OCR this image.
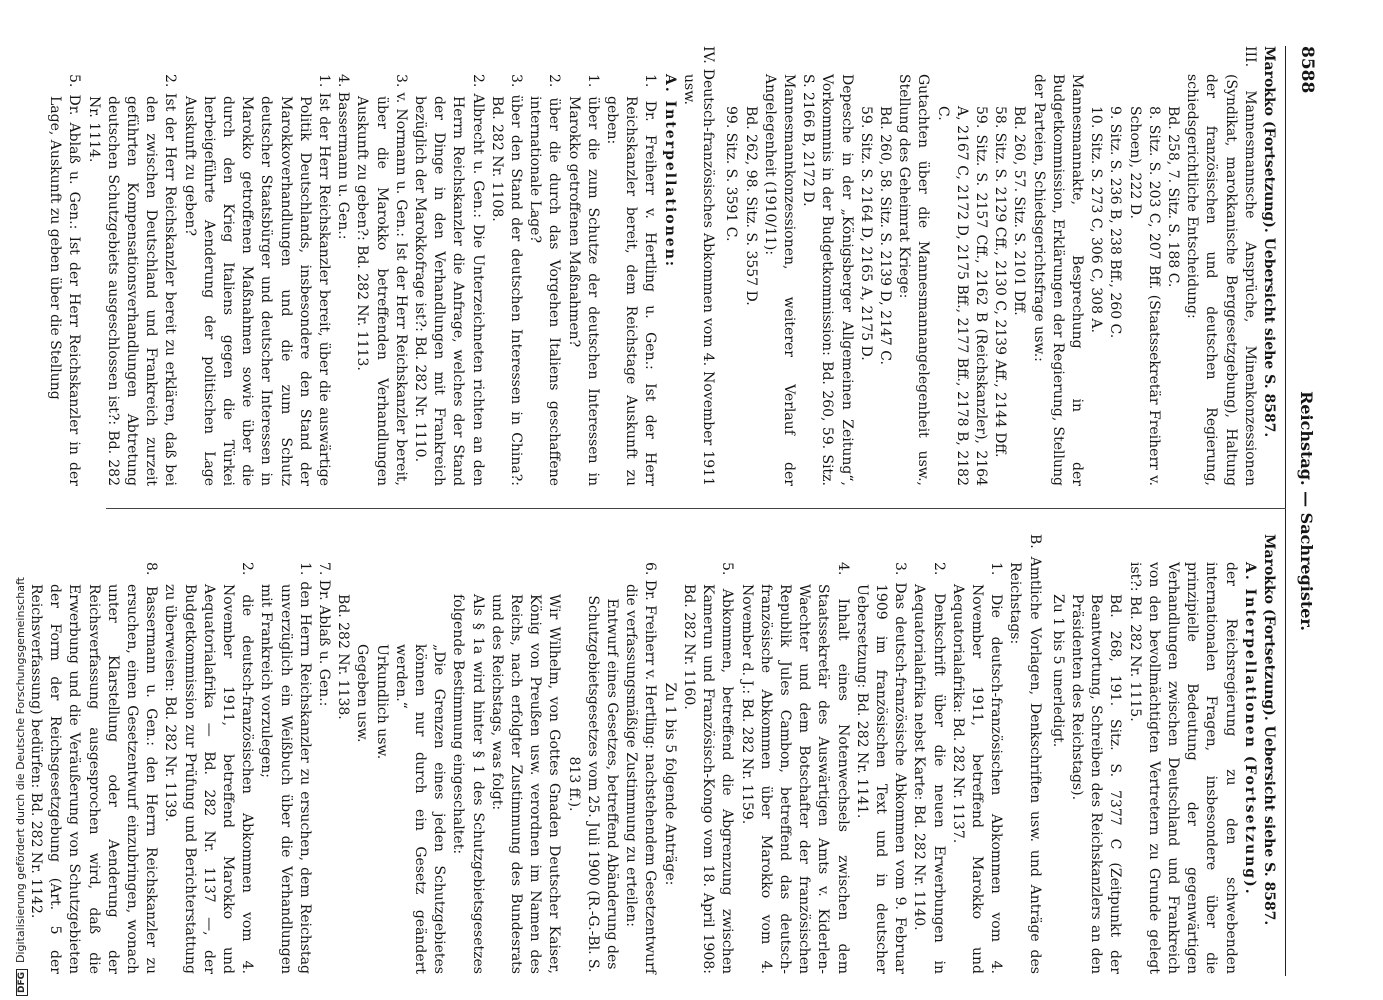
DFGDigitalisierung gefördert durch die Deutsche Forschungsgemeinschaft
8588
Reichstag. — Sachregister.

Marokko (Fortsetzung). Uebersicht siehe S. 8587.

III. Mannesmannsche Ansprüche, Minenkonzessionen (Syndikat, marokkanische Berggesetzgebung), Haltung der französischen und deutschen Regierung, schiedsgerichtliche Entscheidung:

Bd. 258, 7. Sitz. S. 188 C.

8. Sitz. S. 203 C, 207 Bff. (Staatssekretär Freiherr v. Schoen), 222 D.

9. Sitz. S. 236 B, 238 Bff., 260 C.

10. Sitz. S. 273 C, 306 C, 308 A.

Mannesmannakte, Besprechung in der Budgetkommission, Erklärungen der Regierung, Stellung der Parteien, Schiedsgerichtsfrage usw.:

Bd. 260, 57. Sitz. S. 2101 Dff.

58. Sitz. S. 2129 Cff., 2130 C, 2139 Aff., 2144 Dff.

59. Sitz. S. 2157 Cff., 2162 B (Reichskanzler), 2164 A, 2167 C, 2172 D, 2175 Bff., 2177 Bff., 2178 B, 2182 C.

Gutachten über die Mannesmannangelegenheit usw., Stellung des Geheimrat Kriege:

Bd. 260, 58. Sitz. S. 2139 D, 2147 C.

59. Sitz. S. 2164 D, 2165 A, 2175 D.

Depesche in der „Königsberger Allgemeinen Zeitung“, Vorkommnis in der Budgetkommission: Bd. 260, 59. Sitz. S. 2166 B, 2172 D.

Mannesmannkonzessionen, weiterer Verlauf der Angelegenheit (1910/11):

Bd. 262, 98. Sitz. S. 3557 D.

99. Sitz. S. 3591 C.

IV. Deutsch-französisches Abkommen vom 4. November 1911 usw.

A. Interpellationen:

1. Dr. Freiherr v. Hertling u. Gen.: Ist der Herr Reichskanzler bereit, dem Reichstage Auskunft zu geben:

1. über die zum Schutze der deutschen Interessen in Marokko getroffenen Maßnahmen?

2. über die durch das Vorgehen Italiens geschaffene internationale Lage?

3. über den Stand der deutschen Interessen in China?: Bd. 282 Nr. 1108.

2. Albrecht u. Gen.: Die Unterzeichneten richten an den Herrn Reichskanzler die Anfrage, welches der Stand der Dinge in den Verhandlungen mit Frankreich bezüglich der Marokkofrage ist?: Bd. 282 Nr. 1110.

3. v. Normann u. Gen.: Ist der Herr Reichskanzler bereit, über die Marokko betreffenden Verhandlungen Auskunft zu geben?: Bd. 282 Nr. 1113.

4. Bassermann u. Gen.:

1. Ist der Herr Reichskanzler bereit, über die auswärtige Politik Deutschlands, insbesondere den Stand der Marokkoverhandlungen und die zum Schutz deutscher Staatsbürger und deutscher Interessen in Marokko getroffenen Maßnahmen sowie über die durch den Krieg Italiens gegen die Türkei herbeigeführte Aenderung der politischen Lage Auskunft zu geben?

2. Ist der Herr Reichskanzler bereit zu erklären, daß bei den zwischen Deutschland und Frankreich zurzeit geführten Kompensationsverhandlungen Abtretung deutschen Schutzgebiets ausgeschlossen ist?: Bd. 282 Nr. 1114.

5. Dr. Ablaß u. Gen.: Ist der Herr Reichskanzler in der Lage, Auskunft zu geben über die Stellung

Marokko (Fortsetzung). Uebersicht siehe S. 8587.

A. Interpellationen (Fortsetzung).

der Reichsregierung zu den schwebenden internationalen Fragen, insbesondere über die prinzipielle Bedeutung der gegenwärtigen Verhandlungen zwischen Deutschland und Frankreich von den bevollmächtigten Vertretern zu Grunde gelegt ist?: Bd. 282 Nr. 1115.

Bd. 268, 191. Sitz. S. 7377 C (Zeitpunkt der Beantwortung, Schreiben des Reichskanzlers an den Präsidenten des Reichstags).

Zu 1 bis 5 unerledigt.

B. Amtliche Vorlagen, Denkschriften usw. und Anträge des Reichstags:

1. Die deutsch-französischen Abkommen vom 4. November 1911, betreffend Marokko und Aequatorialafrika: Bd. 282 Nr. 1137.

2. Denkschrift über die neuen Erwerbungen in Aequatorialafrika nebst Karte: Bd. 282 Nr. 1140.

3. Das deutsch-französische Abkommen vom 9. Februar 1909 im französischen Text und in deutscher Uebersetzung: Bd. 282 Nr. 1141.

4. Inhalt eines Notenwechsels zwischen dem Staatssekretär des Auswärtigen Amts v. Kiderlen-Waechter und dem Botschafter der französischen Republik Jules Cambon, betreffend das deutsch-französische Abkommen über Marokko vom 4. November d. J.: Bd. 282 Nr. 1159.

5. Abkommen, betreffend die Abgrenzung zwischen Kamerun und Französisch-Kongo vom 18. April 1908: Bd. 282 Nr. 1160.

Zu 1 bis 5 folgende Anträge:

6. Dr. Freiherr v. Hertling: nachstehendem Gesetzentwurf die verfassungsmäßige Zustimmung zu erteilen:

Entwurf eines Gesetzes, betreffend Abänderung des Schutzgebietsgesetzes vom 25. Juli 1900 (R.-G.-Bl. S. 813 ff.).

Wir Wilhelm, von Gottes Gnaden Deutscher Kaiser, König von Preußen usw. verordnen im Namen des Reichs, nach erfolgter Zustimmung des Bundesrats und des Reichstags, was folgt:

Als § 1a wird hinter § 1 des Schutzgebietsgesetzes folgende Bestimmung eingeschaltet:

„Die Grenzen eines jeden Schutzgebietes können nur durch ein Gesetz geändert werden.“

Urkundlich usw.

Gegeben usw.

Bd. 282 Nr. 1138.

7. Dr. Ablaß u. Gen.:

1. den Herrn Reichskanzler zu ersuchen, dem Reichstag unverzüglich ein Weißbuch über die Verhandlungen mit Frankreich vorzulegen;

2. die deutsch-französischen Abkommen vom 4. November 1911, betreffend Marokko und Aequatorialafrika — Bd. 282 Nr. 1137 —, der Budgetkommission zur Prüfung und Berichterstattung zu überweisen: Bd. 282 Nr. 1139.

8. Bassermann u. Gen.: den Herrn Reichskanzler zu ersuchen, einen Gesetzentwurf einzubringen, wonach unter Klarstellung oder Aenderung der Reichsverfassung ausgesprochen wird, daß die Erwerbung und die Veräußerung von Schutzgebieten der Form der Reichsgesetzgebung (Art. 5 der Reichsverfassung) bedürfen: Bd. 282 Nr. 1142.
